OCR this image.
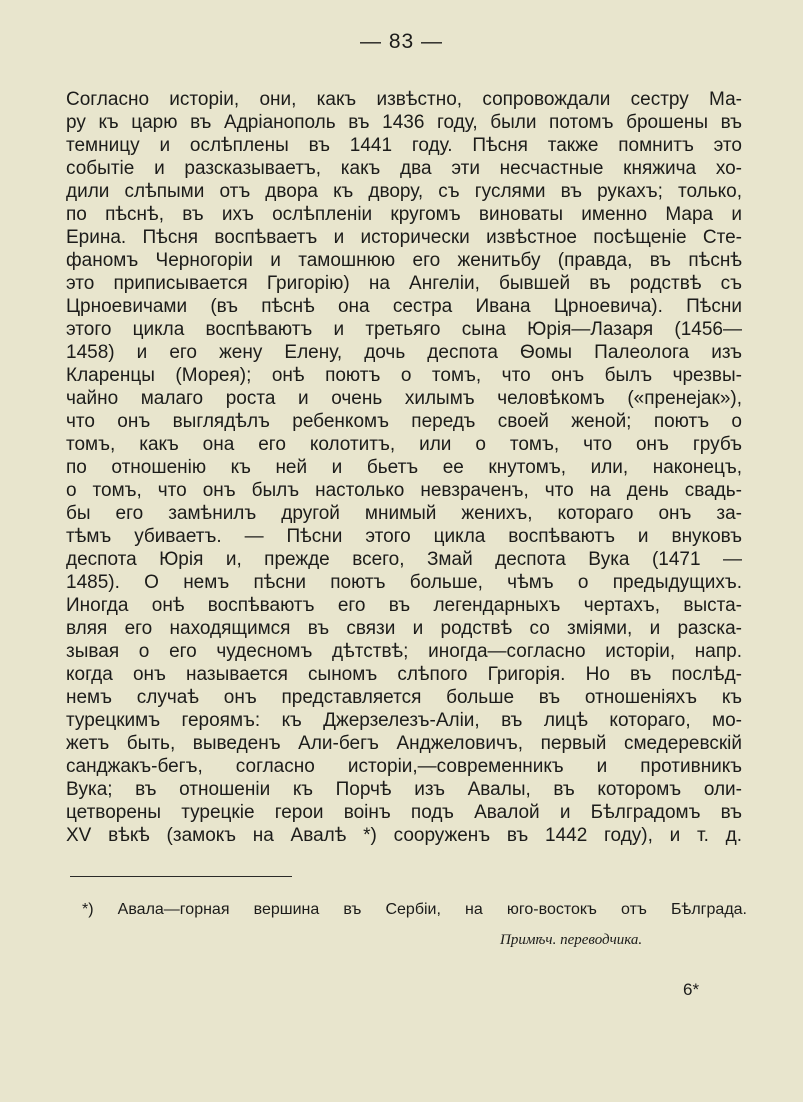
— 83 —
Согласно исторіи, они, какъ извѣстно, сопровождали сестру Ма-
ру къ царю въ Адріанополь въ 1436 году, были потомъ брошены въ
темницу и ослѣплены въ 1441 году. Пѣсня также помнитъ это
событіе и разсказываетъ, какъ два эти несчастные княжича хо-
дили слѣпыми отъ двора къ двору, съ гуслями въ рукахъ; только,
по пѣснѣ, въ ихъ ослѣпленіи кругомъ виноваты именно Мара и
Ерина. Пѣсня воспѣваетъ и исторически извѣстное посѣщеніе Сте-
фаномъ Черногоріи и тамошнюю его женитьбу (правда, въ пѣснѣ
это приписывается Григорію) на Ангеліи, бывшей въ родствѣ съ
Црноевичами (въ пѣснѣ она сестра Ивана Црноевича). Пѣсни
этого цикла воспѣваютъ и третьяго сына Юрія—Лазаря (1456—
1458) и его жену Елену, дочь деспота Ѳомы Палеолога изъ
Кларенцы (Морея); онѣ поютъ о томъ, что онъ былъ чрезвы-
чайно малаго роста и очень хилымъ человѣкомъ («пренејак»),
что онъ выглядѣлъ ребенкомъ передъ своей женой; поютъ о
томъ, какъ она его колотитъ, или о томъ, что онъ грубъ
по отношенію къ ней и бьетъ ее кнутомъ, или, наконецъ,
о томъ, что онъ былъ настолько невзраченъ, что на день свадь-
бы его замѣнилъ другой мнимый женихъ, котораго онъ за-
тѣмъ убиваетъ. — Пѣсни этого цикла воспѣваютъ и внуковъ
деспота Юрія и, прежде всего, Змай деспота Вука (1471 —
1485). О немъ пѣсни поютъ больше, чѣмъ о предыдущихъ.
Иногда онѣ воспѣваютъ его въ легендарныхъ чертахъ, выста-
вляя его находящимся въ связи и родствѣ со зміями, и разска-
зывая о его чудесномъ дѣтствѣ; иногда—согласно исторіи, напр.
когда онъ называется сыномъ слѣпого Григорія. Но въ послѣд-
немъ случаѣ онъ представляется больше въ отношеніяхъ къ
турецкимъ героямъ: къ Джерзелезъ-Аліи, въ лицѣ котораго, мо-
жетъ быть, выведенъ Али-бегъ Анджеловичъ, первый смедеревскій
санджакъ-бегъ, согласно исторіи,—современникъ и противникъ
Вука; въ отношеніи къ Порчѣ изъ Авалы, въ которомъ оли-
цетворены турецкіе герои воінъ подъ Авалой и Бѣлградомъ въ
XV вѣкѣ (замокъ на Авалѣ *) сооруженъ въ 1442 году), и т. д.
*) Авала—горная вершина въ Сербіи, на юго-востокъ отъ Бѣлграда.
Примѣч. переводчика.
6*
